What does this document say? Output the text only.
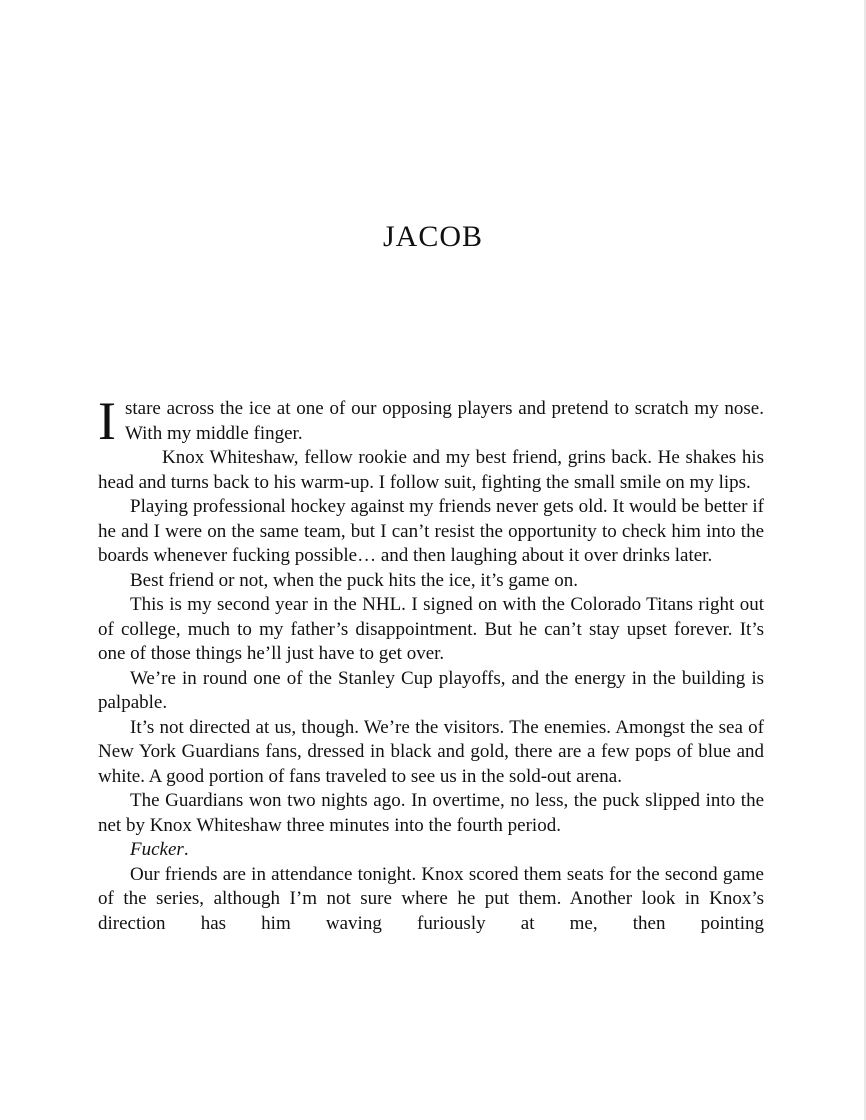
JACOB

I stare across the ice at one of our opposing players and pretend to scratch my nose. With my middle finger.

Knox Whiteshaw, fellow rookie and my best friend, grins back. He shakes his head and turns back to his warm-up. I follow suit, fighting the small smile on my lips.

Playing professional hockey against my friends never gets old. It would be better if he and I were on the same team, but I can’t resist the opportunity to check him into the boards whenever fucking possible… and then laughing about it over drinks later.

Best friend or not, when the puck hits the ice, it’s game on.

This is my second year in the NHL. I signed on with the Colorado Titans right out of college, much to my father’s disappointment. But he can’t stay upset forever. It’s one of those things he’ll just have to get over.

We’re in round one of the Stanley Cup playoffs, and the energy in the building is palpable.

It’s not directed at us, though. We’re the visitors. The enemies. Amongst the sea of New York Guardians fans, dressed in black and gold, there are a few pops of blue and white. A good portion of fans traveled to see us in the sold-out arena.

The Guardians won two nights ago. In overtime, no less, the puck slipped into the net by Knox Whiteshaw three minutes into the fourth period.

Fucker.

Our friends are in attendance tonight. Knox scored them seats for the second game of the series, although I’m not sure where he put them. Another look in Knox’s direction has him waving furiously at me, then pointing
